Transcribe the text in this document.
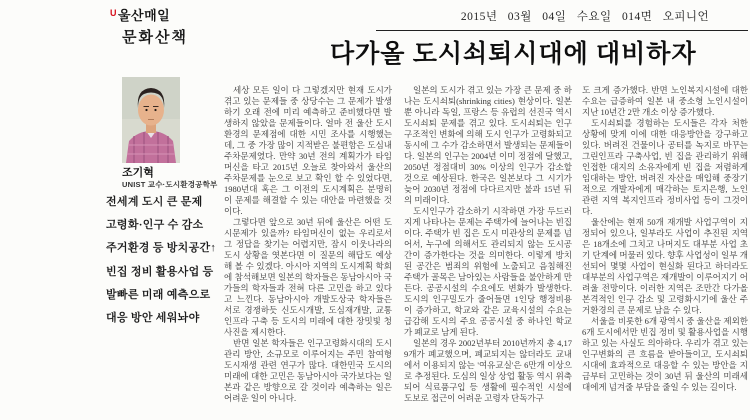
$^U$울산매일
문화산책
2015년 03월 04일 수요일 014면 오피니언
다가올 도시쇠퇴시대에 대비하자
조기혁
UNIST 교수·도시환경공학부

전세계 도시 큰 문제

고령화·인구 수 감소

주거환경 등 방치공간↑

빈집 정비 활용사업 등

발빠른 미래 예측으로

대응 방안 세워놔야

세상 모든 일이 다 그렇겠지만 현재 도시가 겪고 있는 문제들 중 상당수는 그 문제가 발생하기 오래 전에 미리 예측하고 준비했다면 발생하지 않았을 문제들이다. 얼마 전 울산 도시환경의 문제점에 대한 시민 조사를 시행했는데, 그 중 가장 많이 지적받은 불편함은 도심내 주차문제였다. 만약 30년 전의 계획가가 타임머신을 타고 2015년 오늘로 찾아와서 울산의 주차문제를 눈으로 보고 확인 할 수 있었다면, 1980년대 혹은 그 이전의 도시계획은 분명히 이 문제를 해결할 수 있는 대안을 마련했을 것이다.

그렇다면 앞으로 30년 뒤에 울산은 어떤 도시문제가 있을까? 타임머신이 없는 우리로서 그 정답을 찾기는 어렵지만, 잠시 이웃나라의 도시 상황을 엿본다면 이 질문의 해답도 예상해 볼 수 있겠다. 아시아 지역의 도시계획 학회에 참석해보면 일본의 학자들은 동남아시아 국가들의 학자들과 전혀 다른 고민을 하고 있다고 느낀다. 동남아시아 개발도상국 학자들은 서로 경쟁하듯 신도시개발, 도심재개발, 교통인프라 구축 등 도시의 미래에 대한 장밋빛 청사진을 제시한다.

반면 일본 학자들은 인구고령화시대의 도시 관리 방안, 소규모로 이루어지는 주민 참여형 도시재생 관련 연구가 많다. 대한민국 도시의 미래에 대한 고민은 동남아시아 국가보다는 일본과 같은 방향으로 갈 것이라 예측하는 일은 어려운 일이 아니다.

일본의 도시가 겪고 있는 가장 큰 문제 중 하나는 도시쇠퇴(shrinking cities) 현상이다. 일본 뿐 아니라 독일, 프랑스 등 유럽의 선진국 역시 도시쇠퇴 문제를 겪고 있다. 도시쇠퇴는 인구구조적인 변화에 의해 도시 인구가 고령화되고 동시에 그 수가 감소하면서 발생되는 문제들이다. 일본의 인구는 2004년 이미 정점에 달했고, 2050년 정점대비 30% 이상의 인구가 감소할 것으로 예상된다. 한국은 일본보다 그 시기가 늦어 2030년 정점에 다다르지만 불과 15년 뒤의 미래이다.

도시인구가 감소하기 시작하면 가장 두드러지게 나타나는 문제는 주택가에 늘어나는 빈집이다. 주택가 빈 집은 도시 미관상의 문제를 넘어서, 누구에 의해서도 관리되지 않는 도시공간이 증가한다는 것을 의미한다. 이렇게 방치된 공간은 범죄의 위험에 노출되고 음침해진 주택가 골목은 남아있는 사람들을 불안하게 만든다. 공공시설의 수요에도 변화가 발생한다. 도시의 인구밀도가 줄어들면 1인당 행정비용이 증가하고, 학교와 같은 교육시설의 수요는 급감해 도시의 주요 공공시설 중 하나인 학교가 폐교로 남게 된다.

일본의 경우 2002년부터 2010년까지 총 4,179개가 폐교했으며, 폐교되지는 않더라도 교내에서 이용되지 않는 '여유교실'은 6만개 이상으로 추정된다. 도심의 일상 상업 활동 역시 위축되어 식료품구입 등 생활에 필수적인 시설에 도보로 접근이 어려운 고령자 단독가구

도 크게 증가했다. 반면 노인복지시설에 대한 수요는 급증하여 일본 내 중소형 노인시설이 지난 10년간 2만 개소 이상 증가했다.

도시쇠퇴를 경험하는 도시들은 각자 처한 상황에 맞게 이에 대한 대응방안을 강구하고 있다. 버려진 건물이나 공터를 녹지로 바꾸는 그린인프라 구축사업, 빈 집을 관리하기 위해 인접한 대지의 소유자에게 빈 집을 저렴하게 임대하는 방안, 버려진 자산을 매입해 중장기적으로 개발자에게 매각하는 토지은행, 노인관련 지역 복지인프라 정비사업 등이 그것이다.

울산에는 현재 50개 재개발 사업구역이 지정되어 있으나, 일부라도 사업이 추진된 지역은 18개소에 그치고 나머지도 대부분 사업 초기 단계에 머물러 있다. 향후 사업성이 일부 개선되어 몇몇 사업이 현실화 된다고 하더라도 대부분의 사업구역은 재개발이 이루어지기 어려울 전망이다. 이러한 지역은 조만간 다가올 본격적인 인구 감소 및 고령화시기에 울산 주거환경의 큰 문제로 남을 수 있다.

서울을 비롯한 6개 광역시 중 울산을 제외한 6개 도시에서만 빈집 정비 및 활용사업을 시행하고 있는 사실도 의아하다. 우리가 겪고 있는 인구변화의 큰 흐름을 받아들이고, 도시쇠퇴시대에 효과적으로 대응할 수 있는 방안을 지금부터 고민하는 것이 30년 뒤 울산의 미래세대에게 넘겨줄 부담을 줄일 수 있는 길이다.
